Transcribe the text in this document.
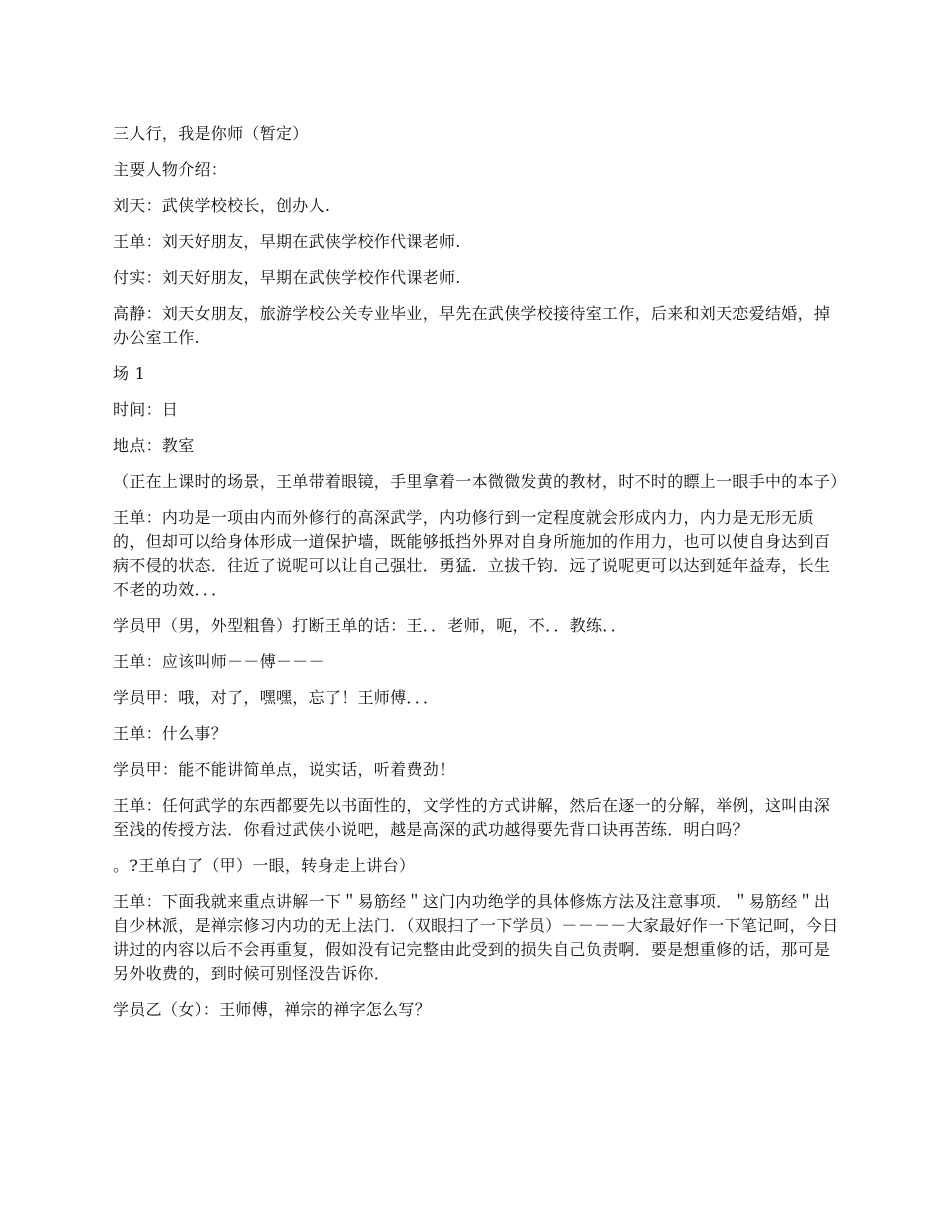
三人行，我是你师（暂定）

主要人物介绍：

刘天：武侠学校校长，创办人.

王单：刘天好朋友，早期在武侠学校作代课老师.

付实：刘天好朋友，早期在武侠学校作代课老师.

高静：刘天女朋友，旅游学校公关专业毕业，早先在武侠学校接待室工作，后来和刘天恋爱结婚，掉办公室工作.

场 1

时间：日

地点：教室

（正在上课时的场景，王单带着眼镜，手里拿着一本微微发黄的教材，时不时的瞟上一眼手中的本子）

王单：内功是一项由内而外修行的高深武学，内功修行到一定程度就会形成内力，内力是无形无质的，但却可以给身体形成一道保护墙，既能够抵挡外界对自身所施加的作用力，也可以使自身达到百病不侵的状态．往近了说呢可以让自己强壮．勇猛．立拔千钧．远了说呢更可以达到延年益寿，长生不老的功效．．．

学员甲（男，外型粗鲁）打断王单的话：王．．老师，呃，不．．教练．．

王单：应该叫师－－傅－－－

学员甲：哦，对了，嘿嘿，忘了！王师傅．．．

王单：什么事？

学员甲：能不能讲简单点，说实话，听着费劲！

王单：任何武学的东西都要先以书面性的，文学性的方式讲解，然后在逐一的分解，举例，这叫由深至浅的传授方法．你看过武侠小说吧，越是高深的武功越得要先背口诀再苦练．明白吗？

。?王单白了（甲）一眼，转身走上讲台）

王单：下面我就来重点讲解一下＂易筋经＂这门内功绝学的具体修炼方法及注意事项．＂易筋经＂出自少林派，是禅宗修习内功的无上法门．（双眼扫了一下学员）－－－－大家最好作一下笔记呵，今日讲过的内容以后不会再重复，假如没有记完整由此受到的损失自己负责啊．要是想重修的话，那可是另外收费的，到时候可别怪没告诉你．

学员乙（女）：王师傅，禅宗的禅字怎么写？
